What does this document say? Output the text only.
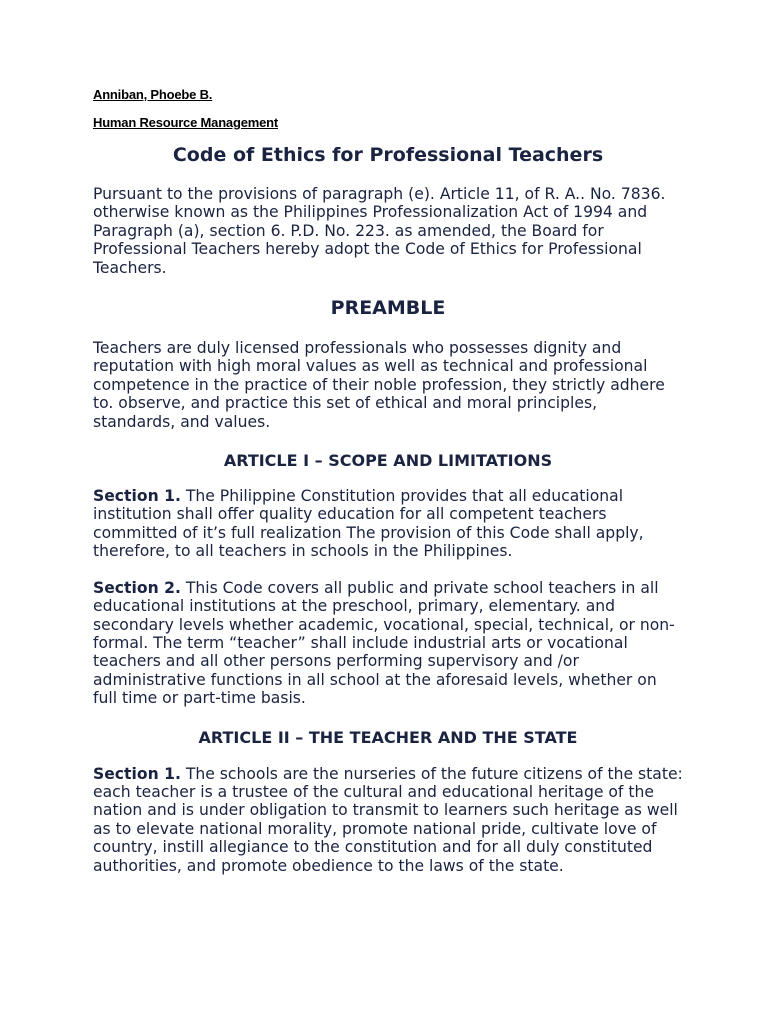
Anniban, Phoebe B.
Human Resource Management
Code of Ethics for Professional Teachers

Pursuant to the provisions of paragraph (e). Article 11, of R. A.. No. 7836. otherwise known as the Philippines Professionalization Act of 1994 and Paragraph (a), section 6. P.D. No. 223. as amended, the Board for Professional Teachers hereby adopt the Code of Ethics for Professional Teachers.

PREAMBLE

Teachers are duly licensed professionals who possesses dignity and reputation with high moral values as well as technical and professional competence in the practice of their noble profession, they strictly adhere to. observe, and practice this set of ethical and moral principles, standards, and values.

ARTICLE I – SCOPE AND LIMITATIONS

Section 1. The Philippine Constitution provides that all educational institution shall offer quality education for all competent teachers committed of it’s full realization The provision of this Code shall apply, therefore, to all teachers in schools in the Philippines.

Section 2. This Code covers all public and private school teachers in all educational institutions at the preschool, primary, elementary. and secondary levels whether academic, vocational, special, technical, or non-formal. The term “teacher” shall include industrial arts or vocational teachers and all other persons performing supervisory and /or administrative functions in all school at the aforesaid levels, whether on full time or part-time basis.

ARTICLE II – THE TEACHER AND THE STATE

Section 1. The schools are the nurseries of the future citizens of the state: each teacher is a trustee of the cultural and educational heritage of the nation and is under obligation to transmit to learners such heritage as well as to elevate national morality, promote national pride, cultivate love of country, instill allegiance to the constitution and for all duly constituted authorities, and promote obedience to the laws of the state.
